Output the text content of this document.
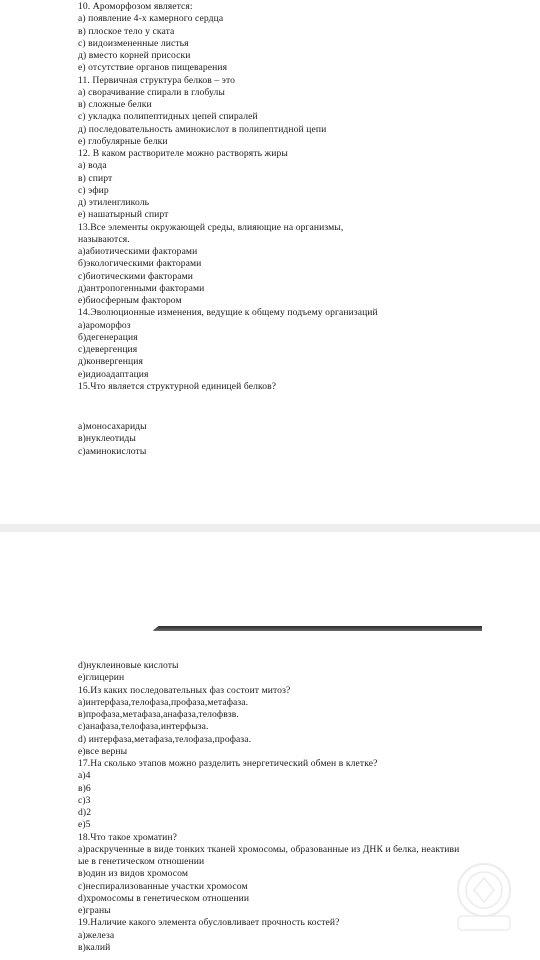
10. Ароморфозом является:
а) появление 4-х камерного сердца
в) плоское тело у ската
с) видоизмененные листья
д) вместо корней присоски
е) отсутствие органов пищеварения
11. Первичная структура белков – это
а) сворачивание спирали в глобулы
в) сложные белки
с) укладка полипептидных цепей спиралей
д) последовательность аминокислот в полипептидной цепи
е) глобулярные белки
12. В каком растворителе можно растворять жиры
а) вода
в) спирт
с) эфир
д) этиленгликоль
е) нашатырный спирт
13.Все элементы окружающей среды, влияющие на организмы,
называются.
а)абиотическими факторами
б)экологическими факторами
с)биотическими факторами
д)антропогенными факторами
е)биосферным фактором
14.Эволюционные изменения, ведущие к общему подъему организаций
а)ароморфоз
б)дегенерация
с)девергенция
д)конвергенция
е)идиоадаптация
15.Что является структурной единицей белков?
а)моносахариды
в)нуклеотиды
с)аминокислоты
d)нуклеиновые кислоты
е)глицерин
16.Из каких последовательных фаз состоит митоз?
а)интерфаза,телофаза,профаза,метафаза.
в)профаза,метафаза,анафаза,телофвзв.
с)анафаза,телофаза,интерфыза.
d) интерфаза,метафаза,телофаза,профаза.
е)все верны
17.На сколько этапов можно разделить энергетический обмен в клетке?
а)4
в)6
с)3
d)2
е)5
18.Что такое хроматин?
а)раскрученные в виде тонких тканей хромосомы, образованные из ДНК и белка, неактиви
ые в генетическом отношении
в)один из видов хромосом
с)неспирализованные участки хромосом
d)хромосомы в генетическом отношении
е)граны
19.Наличие какого элемента обусловливает прочность костей?
а)железа
в)калий
